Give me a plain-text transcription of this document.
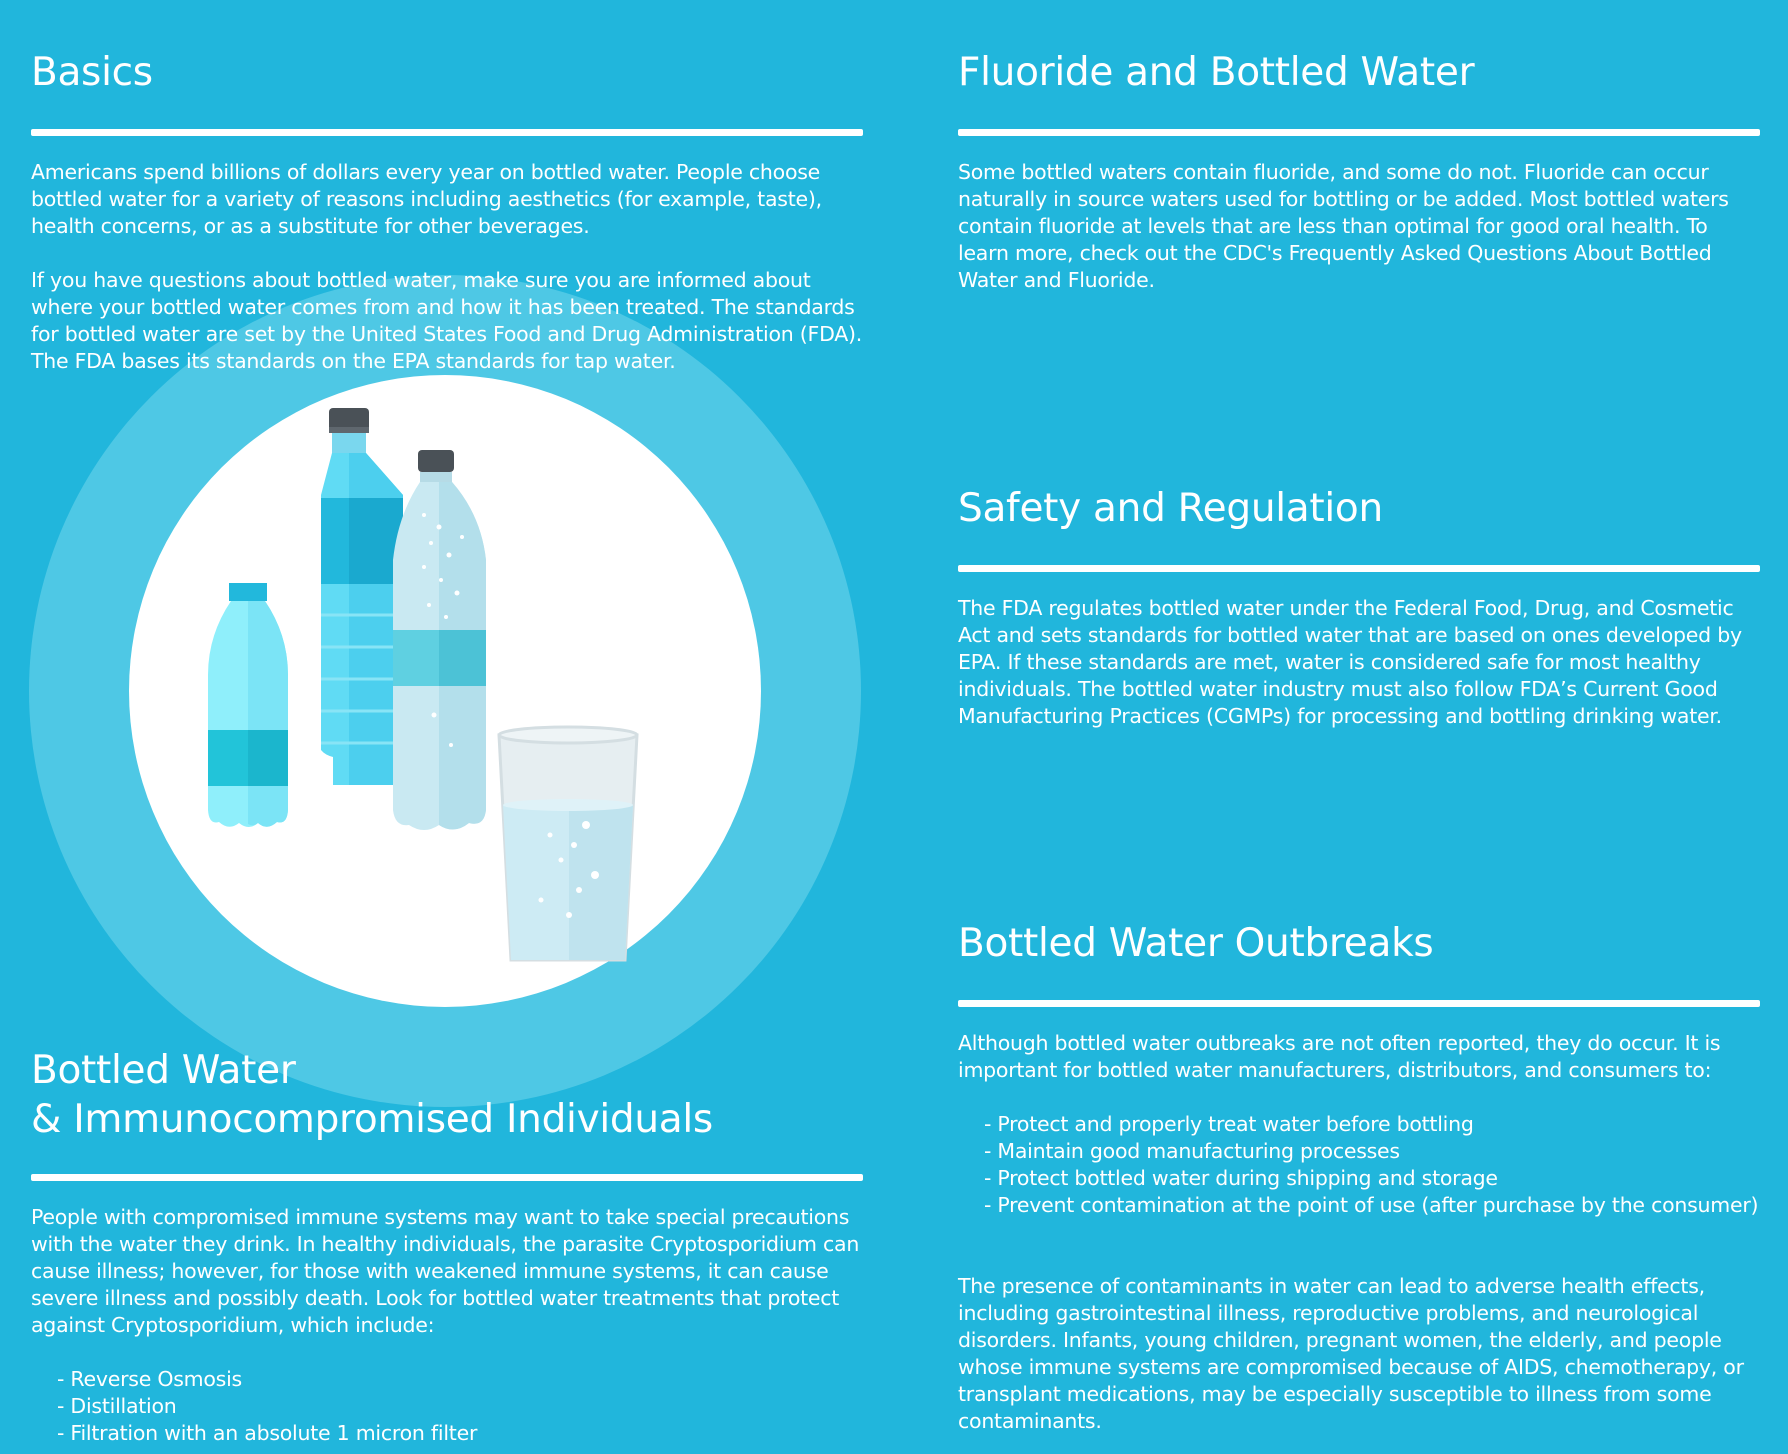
Basics

Americans spend billions of dollars every year on bottled water. People choose bottled water for a variety of reasons including aesthetics (for example, taste), health concerns, or as a substitute for other beverages.

If you have questions about bottled water, make sure you are informed about where your bottled water comes from and how it has been treated. The standards for bottled water are set by the United States Food and Drug Administration (FDA). The FDA bases its standards on the EPA standards for tap water.

Fluoride and Bottled Water

Some bottled waters contain fluoride, and some do not. Fluoride can occur naturally in source waters used for bottling or be added. Most bottled waters contain fluoride at levels that are less than optimal for good oral health. To learn more, check out the CDC's Frequently Asked Questions About Bottled Water and Fluoride.

Safety and Regulation

The FDA regulates bottled water under the Federal Food, Drug, and Cosmetic Act and sets standards for bottled water that are based on ones developed by EPA. If these standards are met, water is considered safe for most healthy individuals. The bottled water industry must also follow FDA’s Current Good Manufacturing Practices (CGMPs) for processing and bottling drinking water.

Bottled Water Outbreaks

Although bottled water outbreaks are not often reported, they do occur. It is important for bottled water manufacturers, distributors, and consumers to:

- Protect and properly treat water before bottling
- Maintain good manufacturing processes
- Protect bottled water during shipping and storage
- Prevent contamination at the point of use (after purchase by the consumer)

The presence of contaminants in water can lead to adverse health effects, including gastrointestinal illness, reproductive problems, and neurological disorders. Infants, young children, pregnant women, the elderly, and people whose immune systems are compromised because of AIDS, chemotherapy, or transplant medications, may be especially susceptible to illness from some contaminants.

Bottled Water
& Immunocompromised Individuals

People with compromised immune systems may want to take special precautions with the water they drink. In healthy individuals, the parasite Cryptosporidium can cause illness; however, for those with weakened immune systems, it can cause severe illness and possibly death. Look for bottled water treatments that protect against Cryptosporidium, which include:

- Reverse Osmosis
- Distillation
- Filtration with an absolute 1 micron filter
